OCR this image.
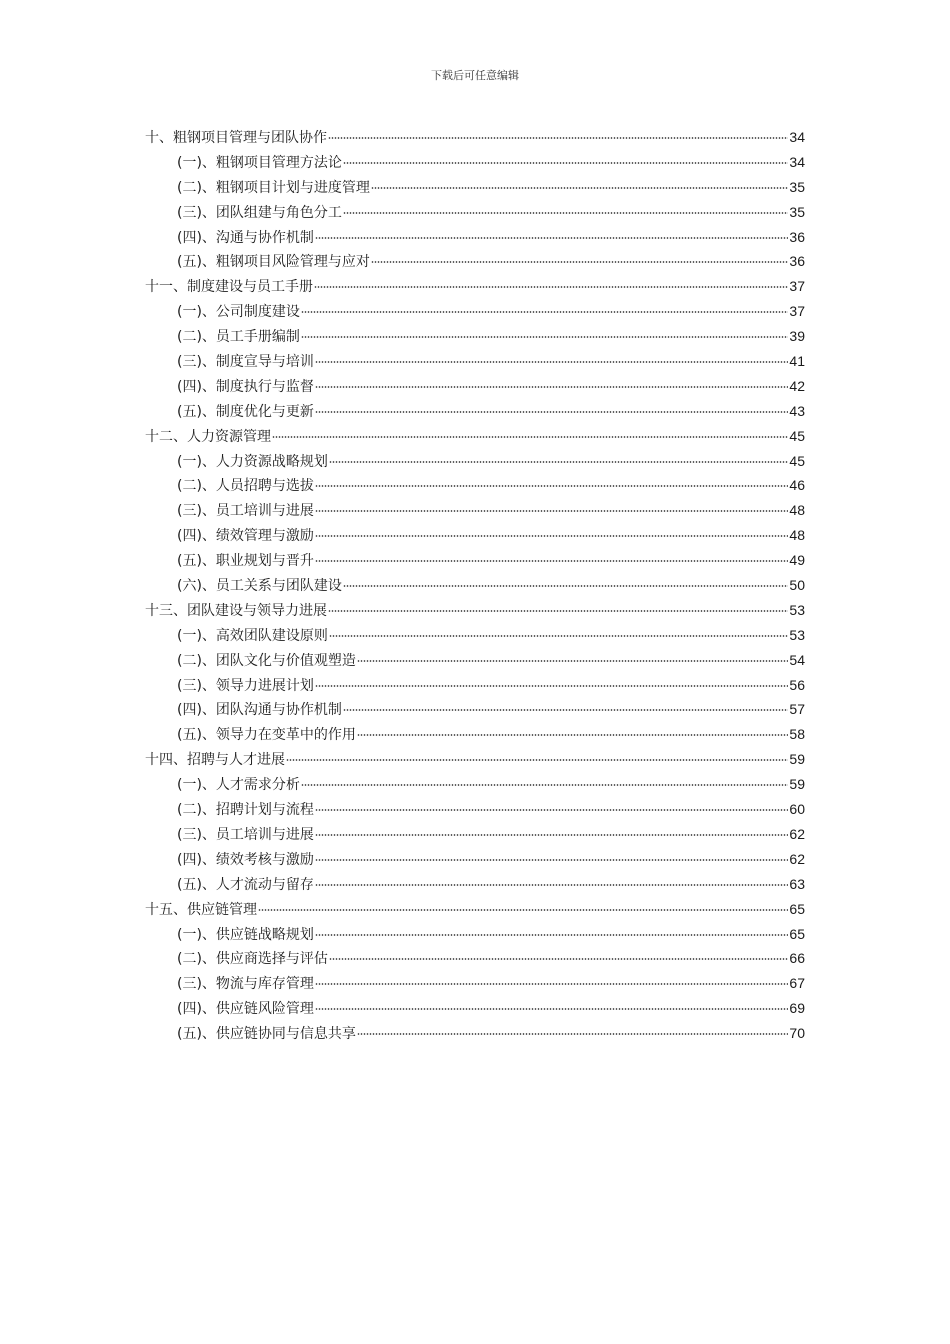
下载后可任意编辑
十、粗钢项目管理与团队协作	34
(一)、粗钢项目管理方法论	34
(二)、粗钢项目计划与进度管理	35
(三)、团队组建与角色分工	35
(四)、沟通与协作机制	36
(五)、粗钢项目风险管理与应对	36
十一、制度建设与员工手册	37
(一)、公司制度建设	37
(二)、员工手册编制	39
(三)、制度宣导与培训	41
(四)、制度执行与监督	42
(五)、制度优化与更新	43
十二、人力资源管理	45
(一)、人力资源战略规划	45
(二)、人员招聘与选拔	46
(三)、员工培训与进展	48
(四)、绩效管理与激励	48
(五)、职业规划与晋升	49
(六)、员工关系与团队建设	50
十三、团队建设与领导力进展	53
(一)、高效团队建设原则	53
(二)、团队文化与价值观塑造	54
(三)、领导力进展计划	56
(四)、团队沟通与协作机制	57
(五)、领导力在变革中的作用	58
十四、招聘与人才进展	59
(一)、人才需求分析	59
(二)、招聘计划与流程	60
(三)、员工培训与进展	62
(四)、绩效考核与激励	62
(五)、人才流动与留存	63
十五、供应链管理	65
(一)、供应链战略规划	65
(二)、供应商选择与评估	66
(三)、物流与库存管理	67
(四)、供应链风险管理	69
(五)、供应链协同与信息共享	70
